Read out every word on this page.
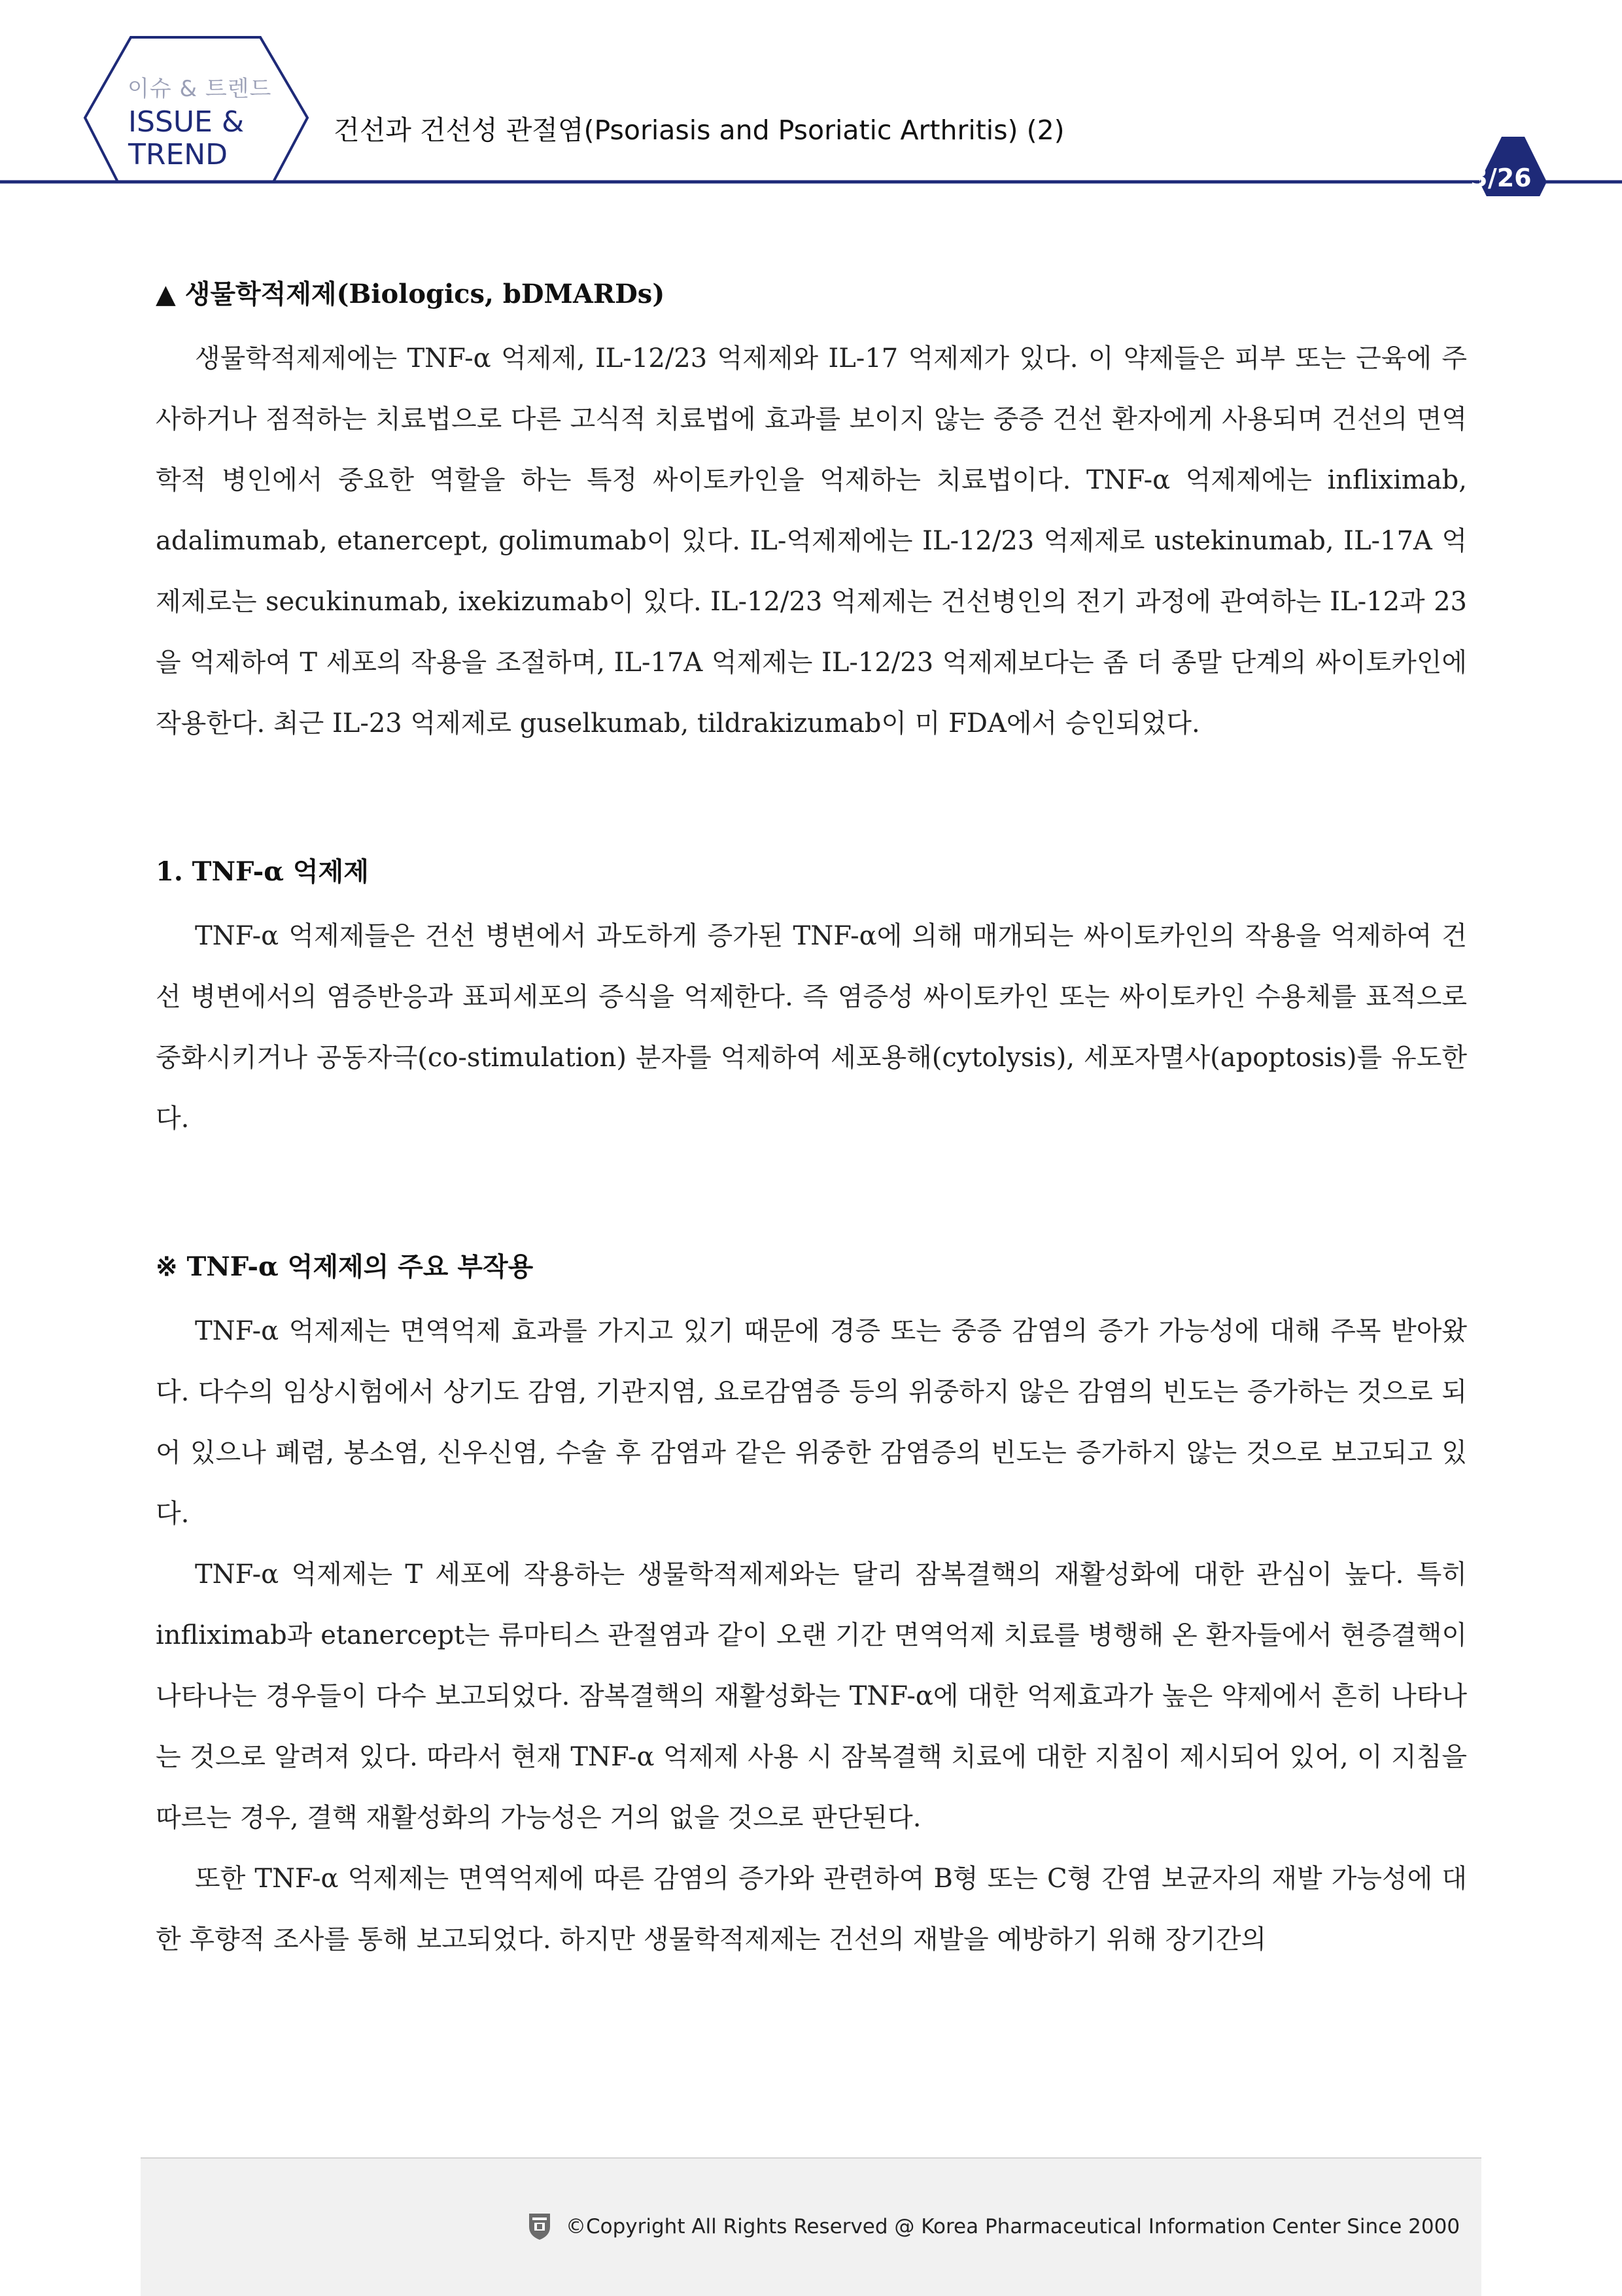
이슈 & 트렌드
ISSUE &
TREND
건선과 건선성 관절염(Psoriasis and Psoriatic Arthritis) (2)
3/26
▲ 생물학적제제(Biologics, bDMARDs)

생물학적제제에는 TNF-α 억제제, IL-12/23 억제제와 IL-17 억제제가 있다. 이 약제들은 피부 또는 근육에 주사하거나 점적하는 치료법으로 다른 고식적 치료법에 효과를 보이지 않는 중증 건선 환자에게 사용되며 건선의 면역학적 병인에서 중요한 역할을 하는 특정 싸이토카인을 억제하는 치료법이다. TNF-α 억제제에는 infliximab, adalimumab, etanercept, golimumab이 있다. IL-억제제에는 IL-12/23 억제제로 ustekinumab, IL-17A 억제제로는 secukinumab, ixekizumab이 있다. IL-12/23 억제제는 건선병인의 전기 과정에 관여하는 IL-12과 23을 억제하여 T 세포의 작용을 조절하며, IL-17A 억제제는 IL-12/23 억제제보다는 좀 더 종말 단계의 싸이토카인에 작용한다. 최근 IL-23 억제제로 guselkumab, tildrakizumab이 미 FDA에서 승인되었다.

1. TNF-α 억제제

TNF-α 억제제들은 건선 병변에서 과도하게 증가된 TNF-α에 의해 매개되는 싸이토카인의 작용을 억제하여 건선 병변에서의 염증반응과 표피세포의 증식을 억제한다. 즉 염증성 싸이토카인 또는 싸이토카인 수용체를 표적으로 중화시키거나 공동자극(co-stimulation) 분자를 억제하여 세포용해(cytolysis), 세포자멸사(apoptosis)를 유도한다.

※ TNF-α 억제제의 주요 부작용

TNF-α 억제제는 면역억제 효과를 가지고 있기 때문에 경증 또는 중증 감염의 증가 가능성에 대해 주목 받아왔다. 다수의 임상시험에서 상기도 감염, 기관지염, 요로감염증 등의 위중하지 않은 감염의 빈도는 증가하는 것으로 되어 있으나 폐렴, 봉소염, 신우신염, 수술 후 감염과 같은 위중한 감염증의 빈도는 증가하지 않는 것으로 보고되고 있다.

TNF-α 억제제는 T 세포에 작용하는 생물학적제제와는 달리 잠복결핵의 재활성화에 대한 관심이 높다. 특히 infliximab과 etanercept는 류마티스 관절염과 같이 오랜 기간 면역억제 치료를 병행해 온 환자들에서 현증결핵이 나타나는 경우들이 다수 보고되었다. 잠복결핵의 재활성화는 TNF-α에 대한 억제효과가 높은 약제에서 흔히 나타나는 것으로 알려져 있다. 따라서 현재 TNF-α 억제제 사용 시 잠복결핵 치료에 대한 지침이 제시되어 있어, 이 지침을 따르는 경우, 결핵 재활성화의 가능성은 거의 없을 것으로 판단된다.

또한 TNF-α 억제제는 면역억제에 따른 감염의 증가와 관련하여 B형 또는 C형 간염 보균자의 재발 가능성에 대한 후향적 조사를 통해 보고되었다. 하지만 생물학적제제는 건선의 재발을 예방하기 위해 장기간의

©Copyright All Rights Reserved @ Korea Pharmaceutical Information Center Since 2000
